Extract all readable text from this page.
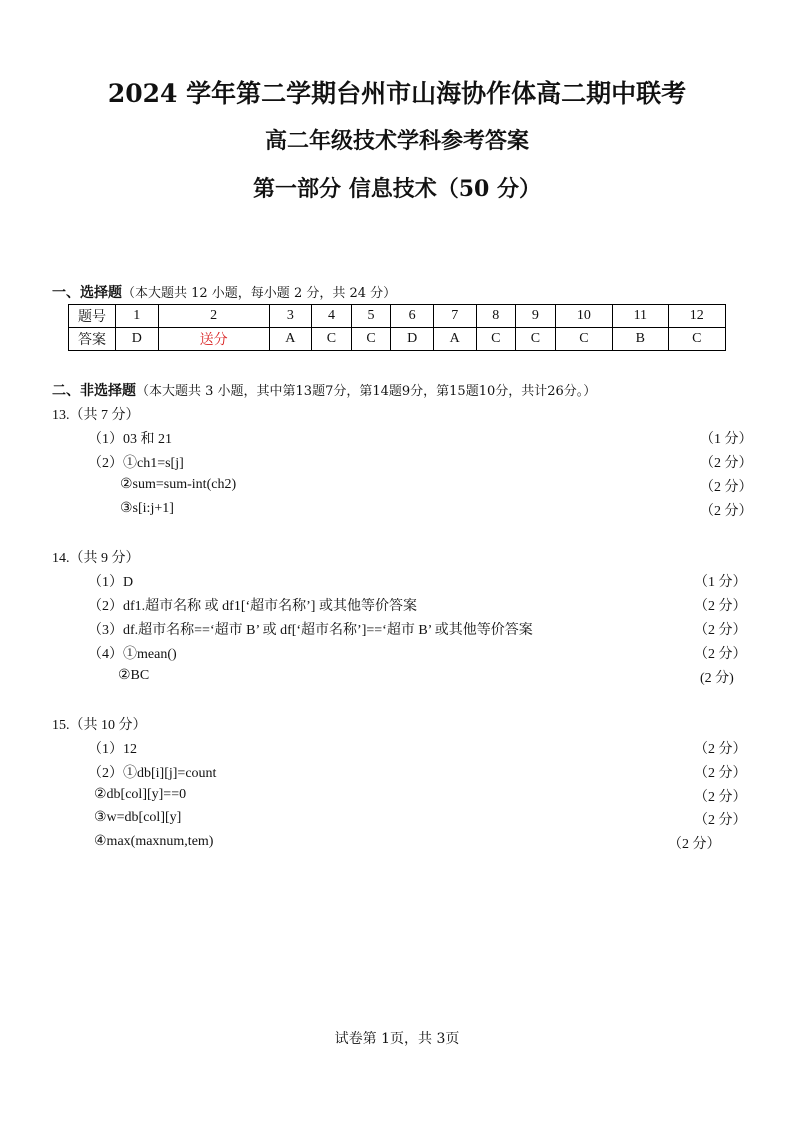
2024 学年第二学期台州市山海协作体高二期中联考
高二年级技术学科参考答案
第一部分 信息技术（50 分）
一、选择题（本大题共 12 小题，每小题 2 分，共 24 分）
题号	1	2	3	4	5	6	7	8	9	10	11	12
答案	D	送分	A	C	C	D	A	C	C	C	B	C
二、非选择题（本大题共 3 小题，其中第13题7分，第14题9分，第15题10分，共计26分。）
13.（共 7 分）
（1）03 和 21	（1 分）
（2）①ch1=s[j]	（2 分）
②sum=sum-int(ch2)	（2 分）
③s[i:j+1]	（2 分）
14.（共 9 分）
（1）D	（1 分）
（2）df1.超市名称 或 df1[‘超市名称’] 或其他等价答案	（2 分）
（3）df.超市名称==‘超市 B’ 或 df[‘超市名称’]==‘超市 B’ 或其他等价答案	（2 分）
（4）①mean()	（2 分）
②BC	(2 分)
15.（共 10 分）
（1）12	（2 分）
（2）①db[i][j]=count	（2 分）
②db[col][y]==0	（2 分）
③w=db[col][y]	（2 分）
④max(maxnum,tem)	（2 分）
试卷第 1页，共 3页
